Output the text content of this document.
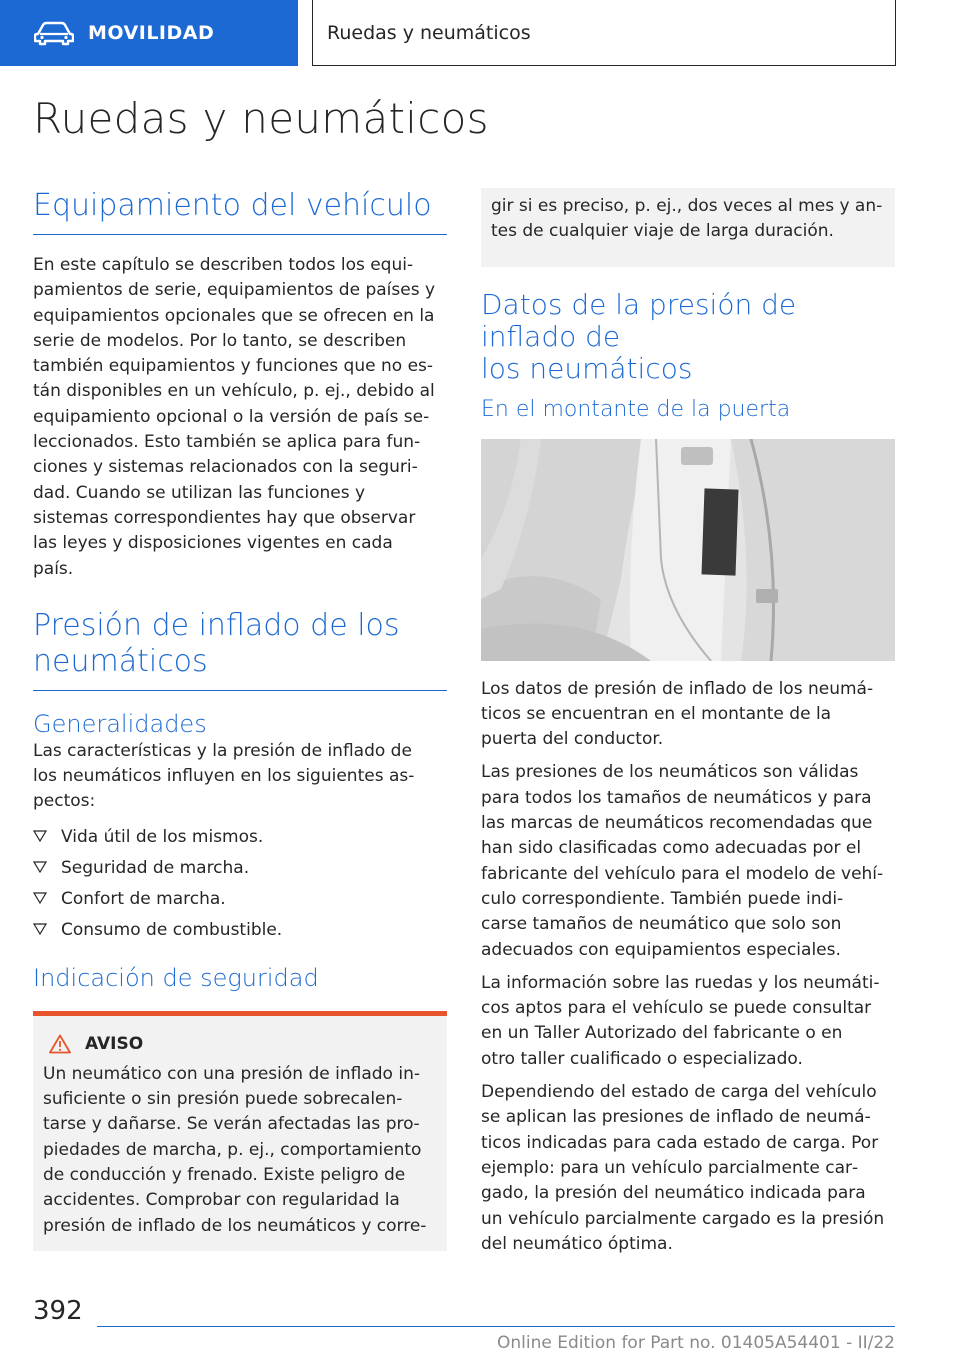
MOVILIDAD	Ruedas y neumáticos
Ruedas y neumáticos
Equipamiento del vehículo
En este capítulo se describen todos los equi‐
pamientos de serie, equipamientos de países y
equipamientos opcionales que se ofrecen en la
serie de modelos. Por lo tanto, se describen
también equipamientos y funciones que no es‐
tán disponibles en un vehículo, p. ej., debido al
equipamiento opcional o la versión de país se‐
leccionados. Esto también se aplica para fun‐
ciones y sistemas relacionados con la seguri‐
dad. Cuando se utilizan las funciones y
sistemas correspondientes hay que observar
las leyes y disposiciones vigentes en cada
país.
Presión de inflado de los
neumáticos
Generalidades
Las características y la presión de inflado de
los neumáticos influyen en los siguientes as‐
pectos:
Vida útil de los mismos.
Seguridad de marcha.
Confort de marcha.
Consumo de combustible.
Indicación de seguridad
AVISO
Un neumático con una presión de inflado in‐
suficiente o sin presión puede sobrecalen‐
tarse y dañarse. Se verán afectadas las pro‐
piedades de marcha, p. ej., comportamiento
de conducción y frenado. Existe peligro de
accidentes. Comprobar con regularidad la
presión de inflado de los neumáticos y corre‐
gir si es preciso, p. ej., dos veces al mes y an‐
tes de cualquier viaje de larga duración.
Datos de la presión de inflado de
los neumáticos
En el montante de la puerta
Los datos de presión de inflado de los neumá‐
ticos se encuentran en el montante de la
puerta del conductor.
Las presiones de los neumáticos son válidas
para todos los tamaños de neumáticos y para
las marcas de neumáticos recomendadas que
han sido clasificadas como adecuadas por el
fabricante del vehículo para el modelo de vehí‐
culo correspondiente. También puede indi‐
carse tamaños de neumático que solo son
adecuados con equipamientos especiales.
La información sobre las ruedas y los neumáti‐
cos aptos para el vehículo se puede consultar
en un Taller Autorizado del fabricante o en
otro taller cualificado o especializado.
Dependiendo del estado de carga del vehículo
se aplican las presiones de inflado de neumá‐
ticos indicadas para cada estado de carga. Por
ejemplo: para un vehículo parcialmente car‐
gado, la presión del neumático indicada para
un vehículo parcialmente cargado es la presión
del neumático óptima.
392
Online Edition for Part no. 01405A54401 - II/22
